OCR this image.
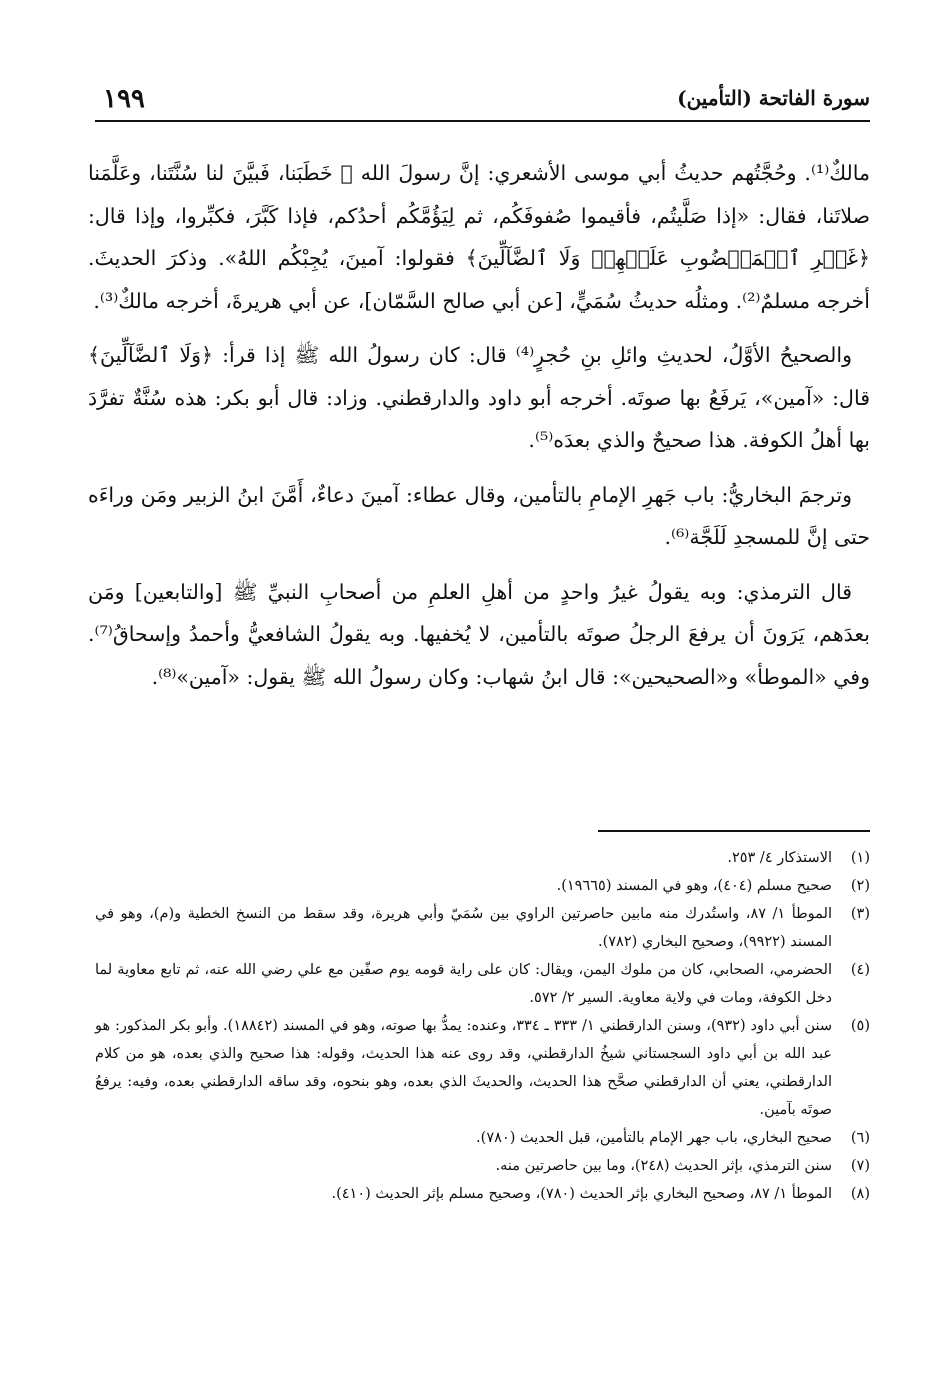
١٩٩	سورة الفاتحة (التأمين)

مالكٌ⁽¹⁾. وحُجَّتُهم حديثُ أبي موسى الأشعري: إنَّ رسولَ الله ﷺ خَطَبَنا، فَبيَّنَ لنا سُنَّتَنا، وعَلَّمَنا صلاتَنا، فقال: «إذا صَلَّيتُم، فأقيموا صُفوفَكُم، ثم لِيَؤُمَّكُم أحدُكم، فإذا كَبَّرَ، فكبِّروا، وإذا قال: ﴿غَيۡرِ ٱلۡمَغۡضُوبِ عَلَيۡهِمۡ وَلَا ٱلضَّآلِّينَ﴾ فقولوا: آمينَ، يُجِبْكُم اللهُ». وذكرَ الحديثَ. أخرجه مسلمٌ⁽²⁾. ومثلُه حديثُ سُمَيٍّ، [عن أبي صالح السَّمّان]، عن أبي هريرةَ، أخرجه مالكٌ⁽³⁾.

والصحيحُ الأوَّلُ، لحديثِ وائلِ بنِ حُجرٍ⁽⁴⁾ قال: كان رسولُ الله ﷺ إذا قرأ: ﴿وَلَا ٱلضَّآلِّينَ﴾ قال: «آمين»، يَرفَعُ بها صوتَه. أخرجه أبو داود والدارقطني. وزاد: قال أبو بكر: هذه سُنَّةٌ تفرَّدَ بها أهلُ الكوفة. هذا صحيحٌ والذي بعدَه⁽⁵⁾.

وترجمَ البخاريُّ: باب جَهرِ الإمامِ بالتأمين، وقال عطاء: آمينَ دعاءٌ، أَمَّنَ ابنُ الزبير ومَن وراءَه حتى إنَّ للمسجدِ لَلَجَّة⁽⁶⁾.

قال الترمذي: وبه يقولُ غيرُ واحدٍ من أهلِ العلمِ من أصحابِ النبيِّ ﷺ [والتابعين] ومَن بعدَهم، يَرَونَ أن يرفعَ الرجلُ صوتَه بالتأمين، لا يُخفيها. وبه يقولُ الشافعيُّ وأحمدُ وإسحاقُ⁽⁷⁾. وفي «الموطأ» و«الصحيحين»: قال ابنُ شهاب: وكان رسولُ الله ﷺ يقول: «آمين»⁽⁸⁾.

(١)
الاستذكار ٤/ ٢٥٣.
(٢)
صحيح مسلم (٤٠٤)، وهو في المسند (١٩٦٦٥).
(٣)
الموطأ ١/ ٨٧، واستُدرك منه مابين حاصرتين الراوي بين سُمَيّ وأبي هريرة، وقد سقط من النسخ الخطية و(م)، وهو في المسند (٩٩٢٢)، وصحيح البخاري (٧٨٢).
(٤)
الحضرمي، الصحابي، كان من ملوك اليمن، ويقال: كان على راية قومه يوم صفّين مع علي رضي الله عنه، ثم تابع معاوية لما دخل الكوفة، ومات في ولاية معاوية. السير ٢/ ٥٧٢.
(٥)
سنن أبي داود (٩٣٢)، وسنن الدارقطني ١/ ٣٣٣ ـ ٣٣٤، وعنده: يمدُّ بها صوته، وهو في المسند (١٨٨٤٢). وأبو بكر المذكور: هو عبد الله بن أبي داود السجستاني شيخُ الدارقطني، وقد روى عنه هذا الحديث، وقوله: هذا صحيح والذي بعده، هو من كلام الدارقطني، يعني أن الدارقطني صحَّح هذا الحديث، والحديثَ الذي بعده، وهو بنحوه، وقد ساقه الدارقطني بعده، وفيه: يرفعُ صوتَه بآمين.
(٦)
صحيح البخاري، باب جهر الإمام بالتأمين، قبل الحديث (٧٨٠).
(٧)
سنن الترمذي، بإثر الحديث (٢٤٨)، وما بين حاصرتين منه.
(٨)
الموطأ ١/ ٨٧، وصحيح البخاري بإثر الحديث (٧٨٠)، وصحيح مسلم بإثر الحديث (٤١٠).
